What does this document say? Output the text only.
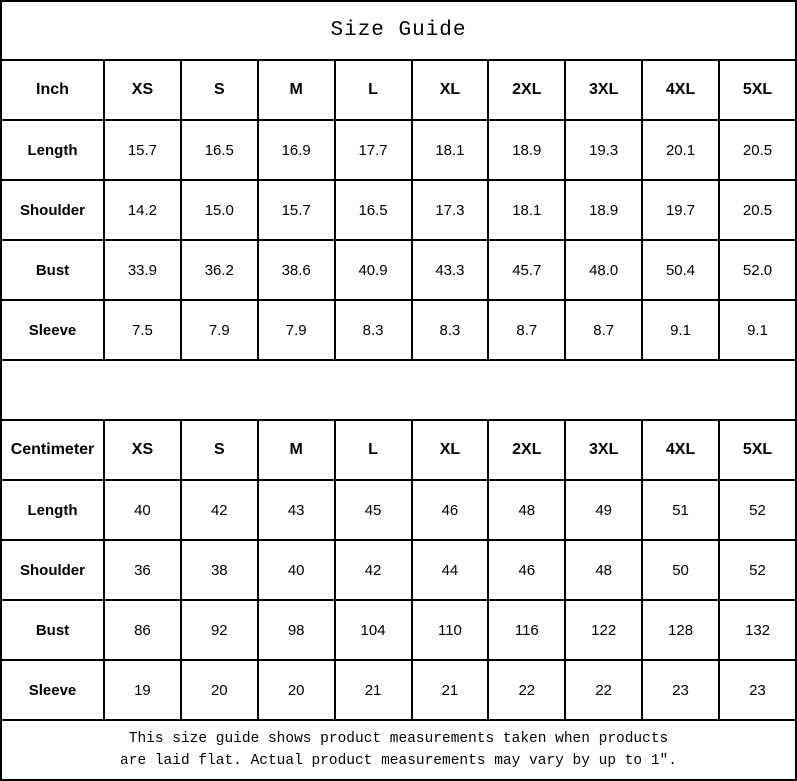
Size Guide									
Inch	XS	S	M	L	XL	2XL	3XL	4XL	5XL
Length	15.7	16.5	16.9	17.7	18.1	18.9	19.3	20.1	20.5
Shoulder	14.2	15.0	15.7	16.5	17.3	18.1	18.9	19.7	20.5
Bust	33.9	36.2	38.6	40.9	43.3	45.7	48.0	50.4	52.0
Sleeve	7.5	7.9	7.9	8.3	8.3	8.7	8.7	9.1	9.1

Centimeter	XS	S	M	L	XL	2XL	3XL	4XL	5XL
Length	40	42	43	45	46	48	49	51	52
Shoulder	36	38	40	42	44	46	48	50	52
Bust	86	92	98	104	110	116	122	128	132
Sleeve	19	20	20	21	21	22	22	23	23

This size guide shows product measurements taken when products
are laid flat. Actual product measurements may vary by up to 1″.									
